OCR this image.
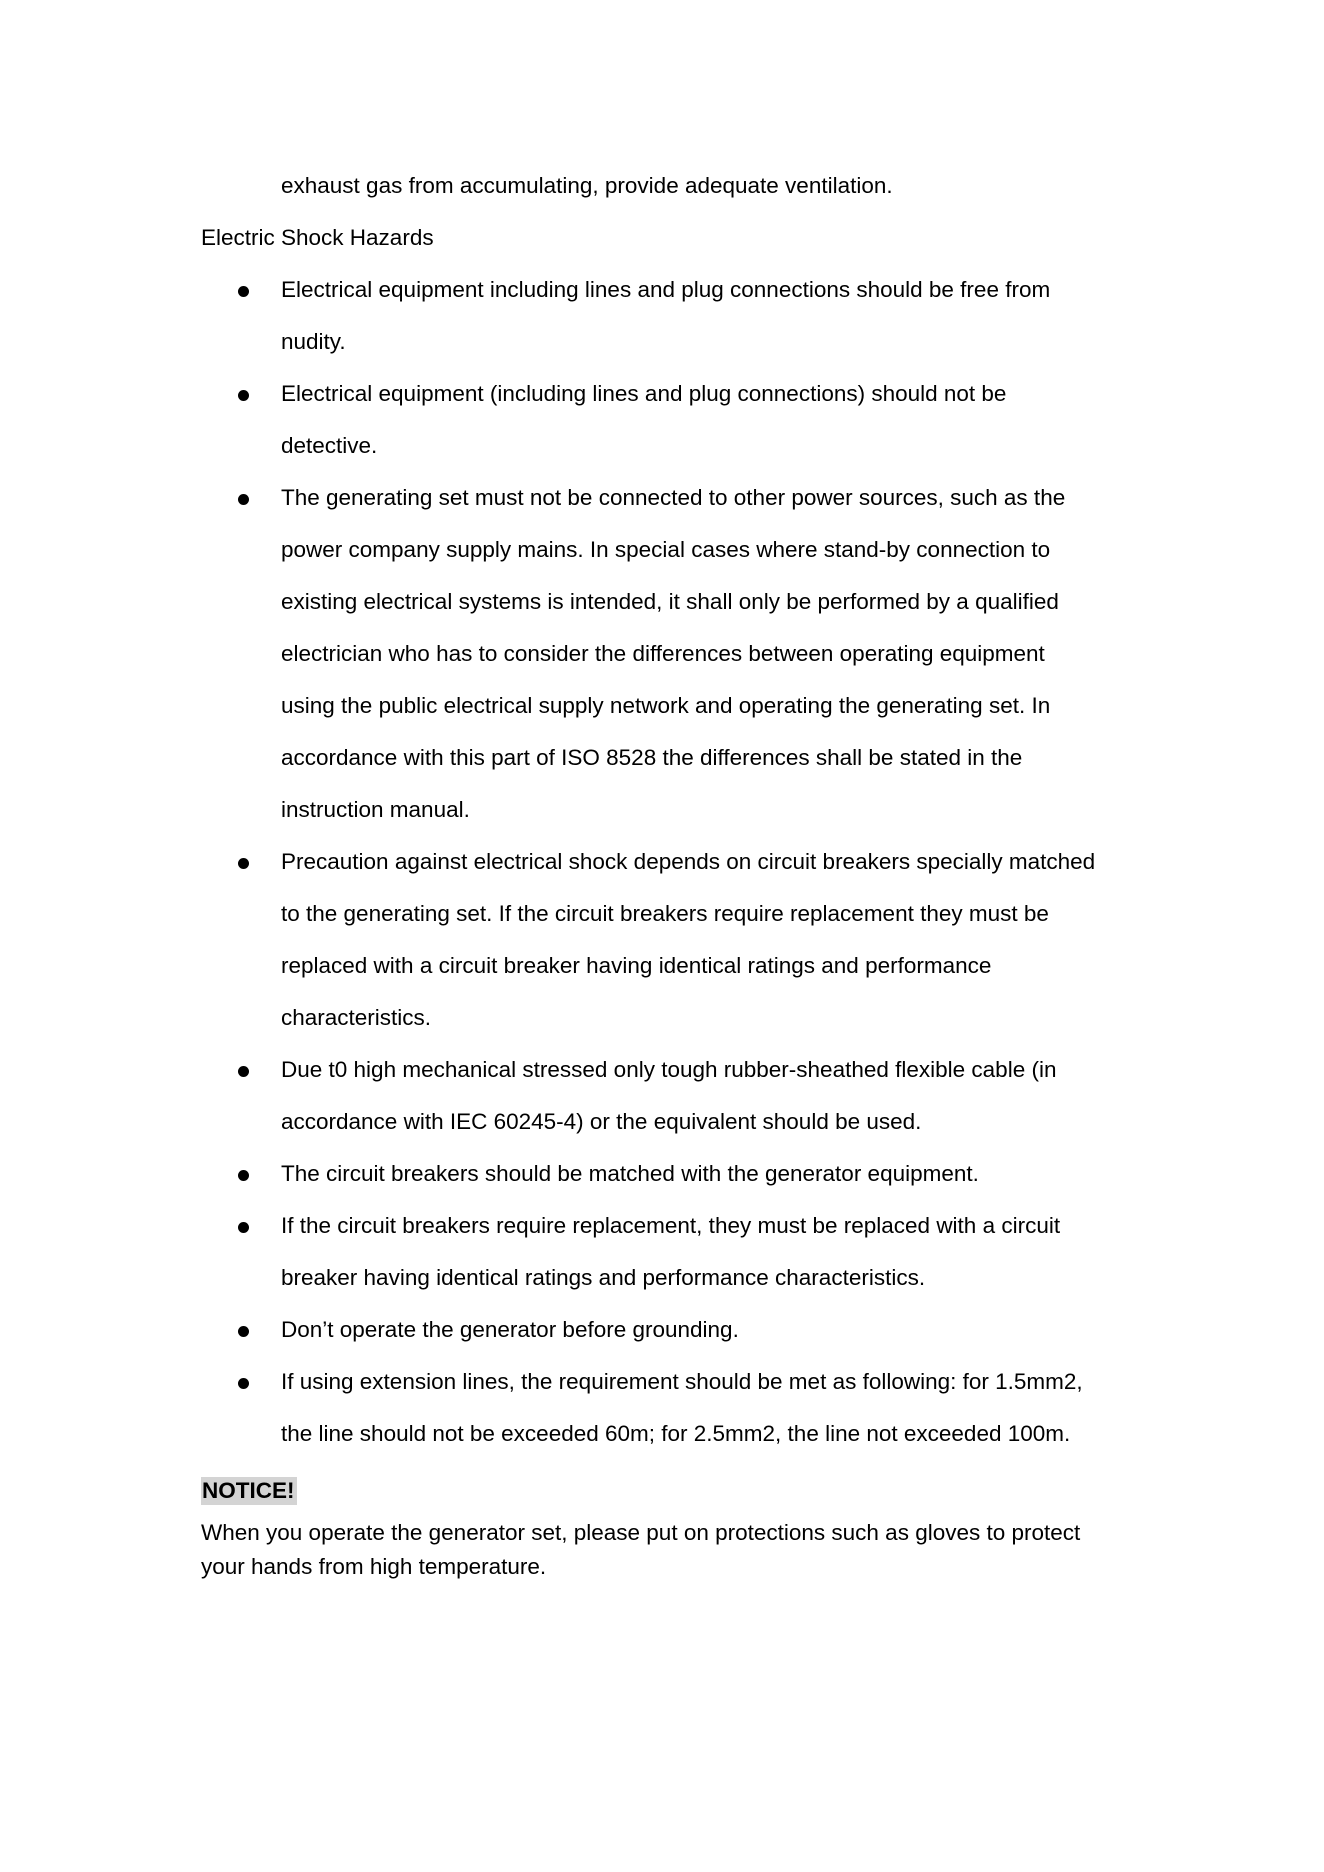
exhaust gas from accumulating, provide adequate ventilation.
Electric Shock Hazards
Electrical equipment including lines and plug connections should be free from
nudity.
Electrical equipment (including lines and plug connections) should not be
detective.
The generating set must not be connected to other power sources, such as the
power company supply mains. In special cases where stand-by connection to
existing electrical systems is intended, it shall only be performed by a qualified
electrician who has to consider the differences between operating equipment
using the public electrical supply network and operating the generating set. In
accordance with this part of ISO 8528 the differences shall be stated in the
instruction manual.
Precaution against electrical shock depends on circuit breakers specially matched
to the generating set. If the circuit breakers require replacement they must be
replaced with a circuit breaker having identical ratings and performance
characteristics.
Due t0 high mechanical stressed only tough rubber-sheathed flexible cable (in
accordance with IEC 60245-4) or the equivalent should be used.
The circuit breakers should be matched with the generator equipment.
If the circuit breakers require replacement, they must be replaced with a circuit
breaker having identical ratings and performance characteristics.
Don’t operate the generator before grounding.
If using extension lines, the requirement should be met as following: for 1.5mm2,
the line should not be exceeded 60m; for 2.5mm2, the line not exceeded 100m.
NOTICE!
When you operate the generator set, please put on protections such as gloves to protect
your hands from high temperature.
